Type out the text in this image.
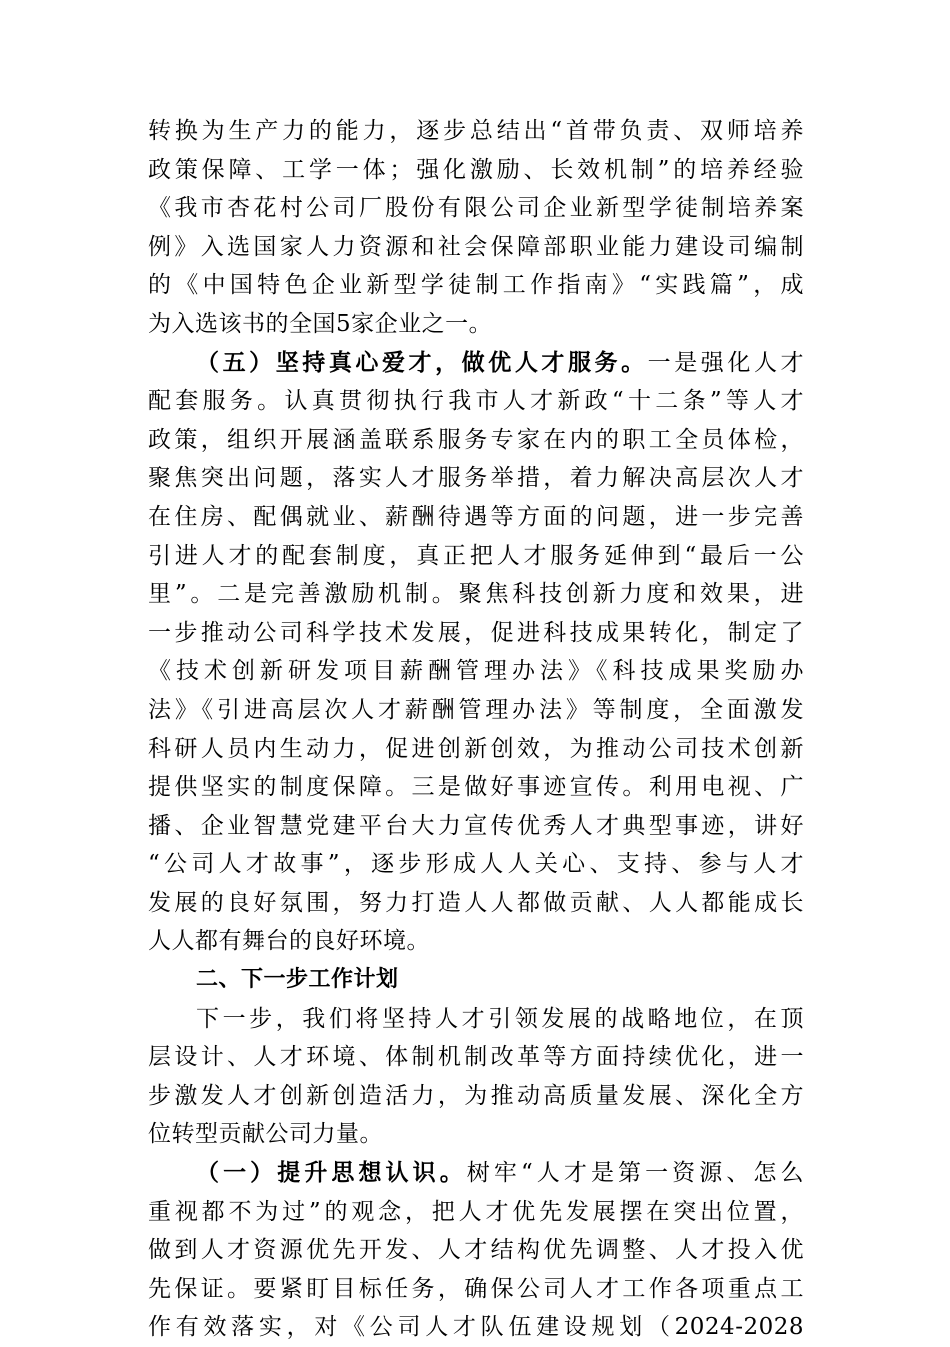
转换为生产力的能力，逐步总结出“首带负责、双师培养
政策保障、工学一体；强化激励、长效机制”的培养经验
《我市杏花村公司厂股份有限公司企业新型学徒制培养案
例》入选国家人力资源和社会保障部职业能力建设司编制
的《中国特色企业新型学徒制工作指南》“实践篇”，成
为入选该书的全国5家企业之一。
（五）坚持真心爱才，做优人才服务。一是强化人才
配套服务。认真贯彻执行我市人才新政“十二条”等人才
政策，组织开展涵盖联系服务专家在内的职工全员体检，
聚焦突出问题，落实人才服务举措，着力解决高层次人才
在住房、配偶就业、薪酬待遇等方面的问题，进一步完善
引进人才的配套制度，真正把人才服务延伸到“最后一公
里”。二是完善激励机制。聚焦科技创新力度和效果，进
一步推动公司科学技术发展，促进科技成果转化，制定了
《技术创新研发项目薪酬管理办法》《科技成果奖励办
法》《引进高层次人才薪酬管理办法》等制度，全面激发
科研人员内生动力，促进创新创效，为推动公司技术创新
提供坚实的制度保障。三是做好事迹宣传。利用电视、广
播、企业智慧党建平台大力宣传优秀人才典型事迹，讲好
“公司人才故事”，逐步形成人人关心、支持、参与人才
发展的良好氛围，努力打造人人都做贡献、人人都能成长
人人都有舞台的良好环境。
二、下一步工作计划
下一步，我们将坚持人才引领发展的战略地位，在顶
层设计、人才环境、体制机制改革等方面持续优化，进一
步激发人才创新创造活力，为推动高质量发展、深化全方
位转型贡献公司力量。
（一）提升思想认识。树牢“人才是第一资源、怎么
重视都不为过”的观念，把人才优先发展摆在突出位置，
做到人才资源优先开发、人才结构优先调整、人才投入优
先保证。要紧盯目标任务，确保公司人才工作各项重点工
作有效落实，对《公司人才队伍建设规划（2024-2028
